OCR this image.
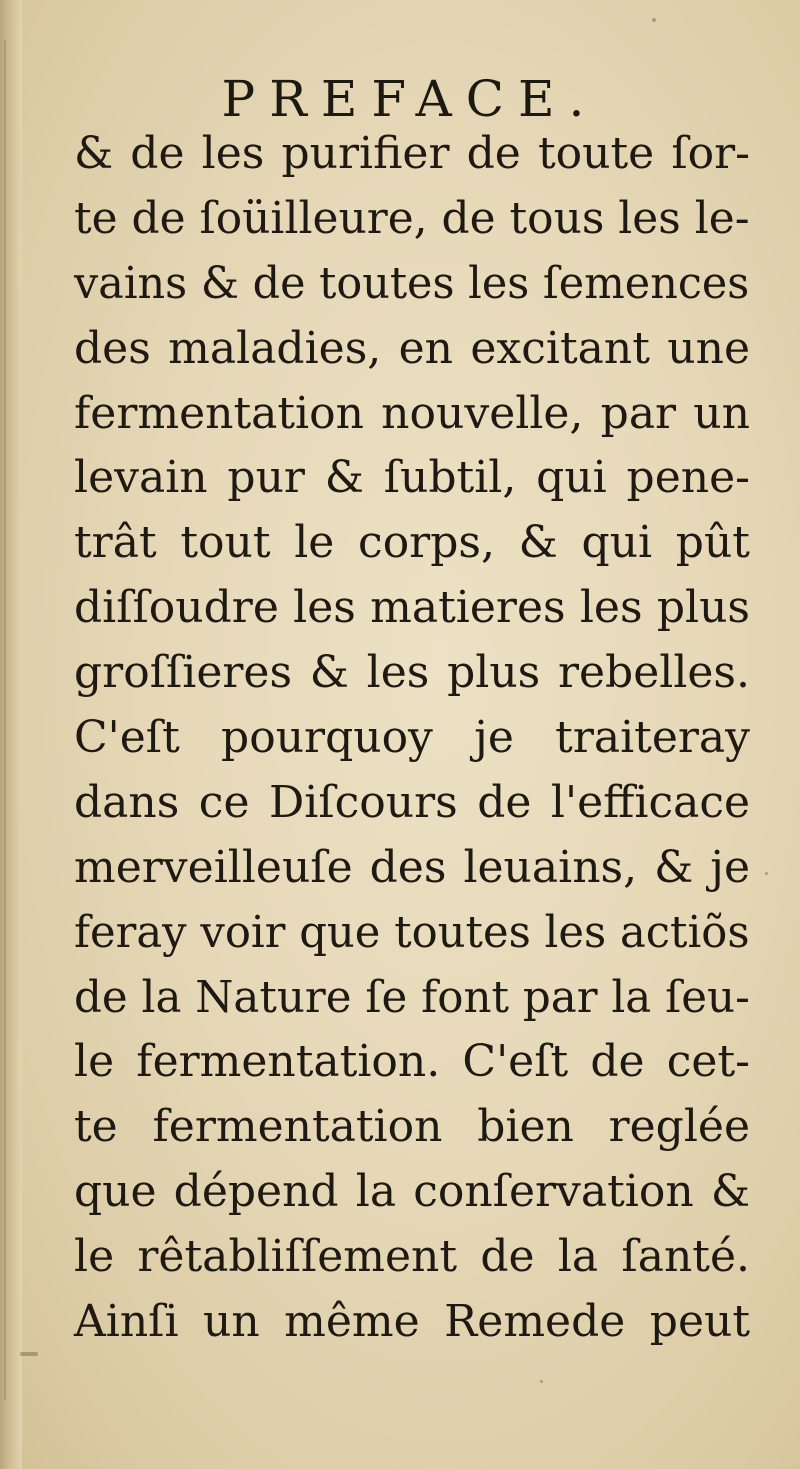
PREFACE.
& de les purifier de toute ſor-
te de ſoüilleure, de tous les le-
vains & de toutes les ſemences
des maladies, en excitant une
fermentation nouvelle, par un
levain pur & ſubtil, qui pene-
trât tout le corps, & qui pût
diſſoudre les matieres les plus
groſſieres & les plus rebelles.
C'eſt pourquoy je traiteray
dans ce Diſcours de l'efficace
merveilleuſe des leuains, & je
feray voir que toutes les actiõs
de la Nature ſe font par la ſeu-
le fermentation. C'eſt de cet-
te fermentation bien reglée
que dépend la conſervation &
le rêtabliſſement de la ſanté.
Ainſi un même Remede peut
